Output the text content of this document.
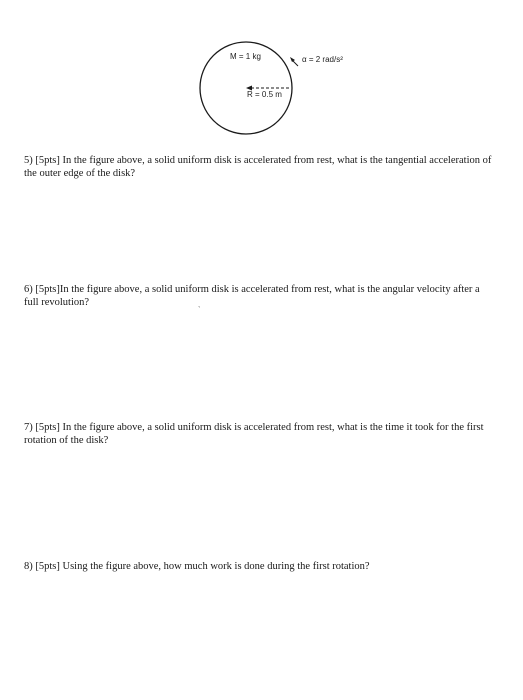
M = 1 kg	α = 2 rad/s²
R = 0.5 m

5) [5pts] In the figure above, a solid uniform disk is accelerated from rest, what is the tangential acceleration of the outer edge of the disk?

6) [5pts]In the figure above, a solid uniform disk is accelerated from rest, what is the angular velocity after a full revolution?	ˎ

7) [5pts] In the figure above, a solid uniform disk is accelerated from rest, what is the time it took for the first rotation of the disk?

8) [5pts] Using the figure above, how much work is done during the first rotation?
